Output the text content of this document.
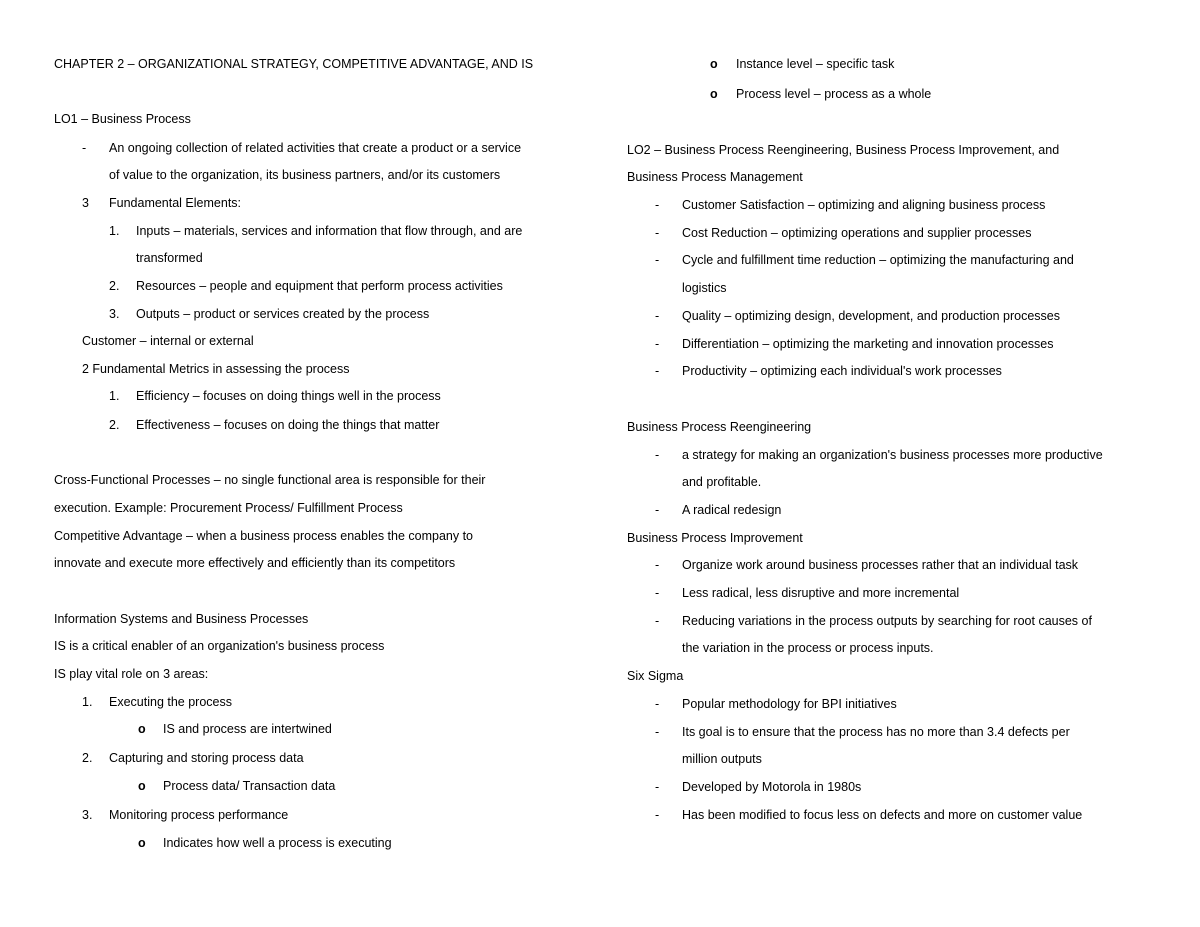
CHAPTER 2 – ORGANIZATIONAL STRATEGY, COMPETITIVE ADVANTAGE, AND IS
LO1 – Business Process
- An ongoing collection of related activities that create a product or a service
of value to the organization, its business partners, and/or its customers
3 Fundamental Elements:
1. Inputs – materials, services and information that flow through, and are
transformed
2. Resources – people and equipment that perform process activities
3. Outputs – product or services created by the process
Customer – internal or external
2 Fundamental Metrics in assessing the process
1. Efficiency – focuses on doing things well in the process
2. Effectiveness – focuses on doing the things that matter
Cross-Functional Processes – no single functional area is responsible for their
execution. Example: Procurement Process/ Fulfillment Process
Competitive Advantage – when a business process enables the company to
innovate and execute more effectively and efficiently than its competitors
Information Systems and Business Processes
IS is a critical enabler of an organization's business process
IS play vital role on 3 areas:
1. Executing the process
o IS and process are intertwined
2. Capturing and storing process data
o Process data/ Transaction data
3. Monitoring process performance
o Indicates how well a process is executing
o Instance level – specific task
o Process level – process as a whole
LO2 – Business Process Reengineering, Business Process Improvement, and
Business Process Management
- Customer Satisfaction – optimizing and aligning business process
- Cost Reduction – optimizing operations and supplier processes
- Cycle and fulfillment time reduction – optimizing the manufacturing and
logistics
- Quality – optimizing design, development, and production processes
- Differentiation – optimizing the marketing and innovation processes
- Productivity – optimizing each individual's work processes
Business Process Reengineering
- a strategy for making an organization's business processes more productive
and profitable.
- A radical redesign
Business Process Improvement
- Organize work around business processes rather that an individual task
- Less radical, less disruptive and more incremental
- Reducing variations in the process outputs by searching for root causes of
the variation in the process or process inputs.
Six Sigma
- Popular methodology for BPI initiatives
- Its goal is to ensure that the process has no more than 3.4 defects per
million outputs
- Developed by Motorola in 1980s
- Has been modified to focus less on defects and more on customer value
